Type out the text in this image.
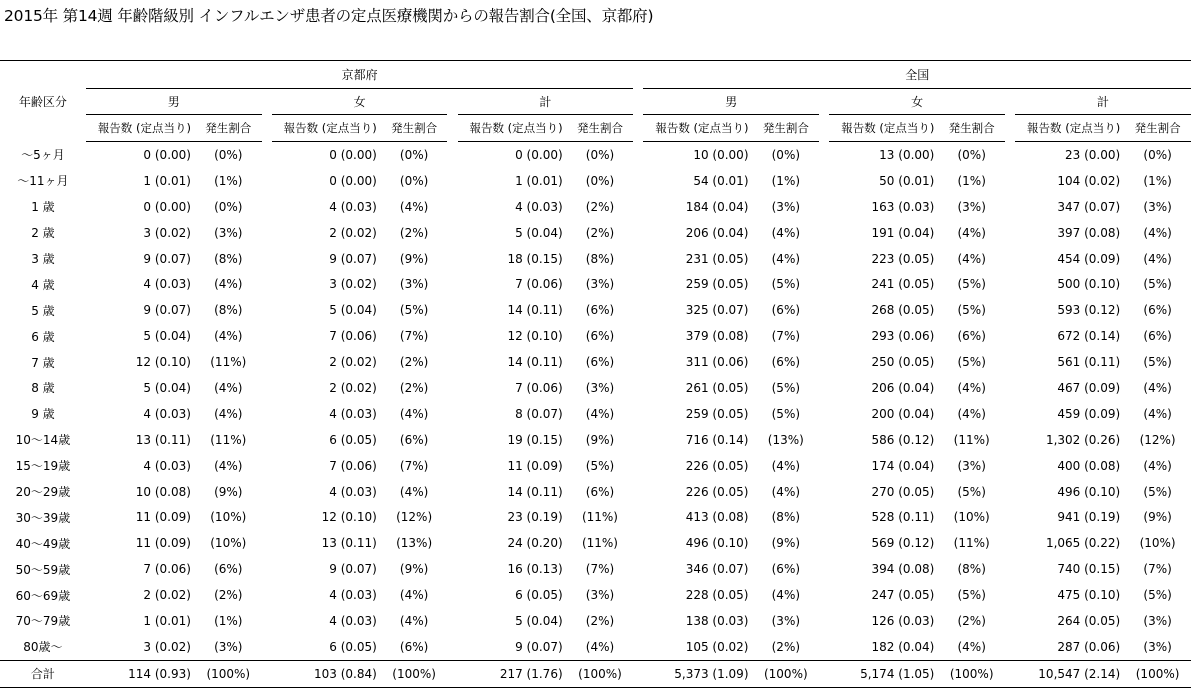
2015年 第14週 年齢階級別 インフルエンザ患者の定点医療機関からの報告割合(全国、京都府)
年齢区分	京都府									全国							
	男			女			計			男			女			計	
	報告数 (定点当り)	発生割合		報告数 (定点当り)	発生割合		報告数 (定点当り)	発生割合		報告数 (定点当り)	発生割合		報告数 (定点当り)	発生割合		報告数 (定点当り)	発生割合
～5ヶ月	0 (0.00)	(0%)		0 (0.00)	(0%)		0 (0.00)	(0%)		10 (0.00)	(0%)		13 (0.00)	(0%)		23 (0.00)	(0%)
～11ヶ月	1 (0.01)	(1%)		0 (0.00)	(0%)		1 (0.01)	(0%)		54 (0.01)	(1%)		50 (0.01)	(1%)		104 (0.02)	(1%)
1 歳	0 (0.00)	(0%)		4 (0.03)	(4%)		4 (0.03)	(2%)		184 (0.04)	(3%)		163 (0.03)	(3%)		347 (0.07)	(3%)
2 歳	3 (0.02)	(3%)		2 (0.02)	(2%)		5 (0.04)	(2%)		206 (0.04)	(4%)		191 (0.04)	(4%)		397 (0.08)	(4%)
3 歳	9 (0.07)	(8%)		9 (0.07)	(9%)		18 (0.15)	(8%)		231 (0.05)	(4%)		223 (0.05)	(4%)		454 (0.09)	(4%)
4 歳	4 (0.03)	(4%)		3 (0.02)	(3%)		7 (0.06)	(3%)		259 (0.05)	(5%)		241 (0.05)	(5%)		500 (0.10)	(5%)
5 歳	9 (0.07)	(8%)		5 (0.04)	(5%)		14 (0.11)	(6%)		325 (0.07)	(6%)		268 (0.05)	(5%)		593 (0.12)	(6%)
6 歳	5 (0.04)	(4%)		7 (0.06)	(7%)		12 (0.10)	(6%)		379 (0.08)	(7%)		293 (0.06)	(6%)		672 (0.14)	(6%)
7 歳	12 (0.10)	(11%)		2 (0.02)	(2%)		14 (0.11)	(6%)		311 (0.06)	(6%)		250 (0.05)	(5%)		561 (0.11)	(5%)
8 歳	5 (0.04)	(4%)		2 (0.02)	(2%)		7 (0.06)	(3%)		261 (0.05)	(5%)		206 (0.04)	(4%)		467 (0.09)	(4%)
9 歳	4 (0.03)	(4%)		4 (0.03)	(4%)		8 (0.07)	(4%)		259 (0.05)	(5%)		200 (0.04)	(4%)		459 (0.09)	(4%)
10～14歳	13 (0.11)	(11%)		6 (0.05)	(6%)		19 (0.15)	(9%)		716 (0.14)	(13%)		586 (0.12)	(11%)		1,302 (0.26)	(12%)
15～19歳	4 (0.03)	(4%)		7 (0.06)	(7%)		11 (0.09)	(5%)		226 (0.05)	(4%)		174 (0.04)	(3%)		400 (0.08)	(4%)
20～29歳	10 (0.08)	(9%)		4 (0.03)	(4%)		14 (0.11)	(6%)		226 (0.05)	(4%)		270 (0.05)	(5%)		496 (0.10)	(5%)
30～39歳	11 (0.09)	(10%)		12 (0.10)	(12%)		23 (0.19)	(11%)		413 (0.08)	(8%)		528 (0.11)	(10%)		941 (0.19)	(9%)
40～49歳	11 (0.09)	(10%)		13 (0.11)	(13%)		24 (0.20)	(11%)		496 (0.10)	(9%)		569 (0.12)	(11%)		1,065 (0.22)	(10%)
50～59歳	7 (0.06)	(6%)		9 (0.07)	(9%)		16 (0.13)	(7%)		346 (0.07)	(6%)		394 (0.08)	(8%)		740 (0.15)	(7%)
60～69歳	2 (0.02)	(2%)		4 (0.03)	(4%)		6 (0.05)	(3%)		228 (0.05)	(4%)		247 (0.05)	(5%)		475 (0.10)	(5%)
70～79歳	1 (0.01)	(1%)		4 (0.03)	(4%)		5 (0.04)	(2%)		138 (0.03)	(3%)		126 (0.03)	(2%)		264 (0.05)	(3%)
80歳～	3 (0.02)	(3%)		6 (0.05)	(6%)		9 (0.07)	(4%)		105 (0.02)	(2%)		182 (0.04)	(4%)		287 (0.06)	(3%)
合計	114 (0.93)	(100%)		103 (0.84)	(100%)		217 (1.76)	(100%)		5,373 (1.09)	(100%)		5,174 (1.05)	(100%)		10,547 (2.14)	(100%)
